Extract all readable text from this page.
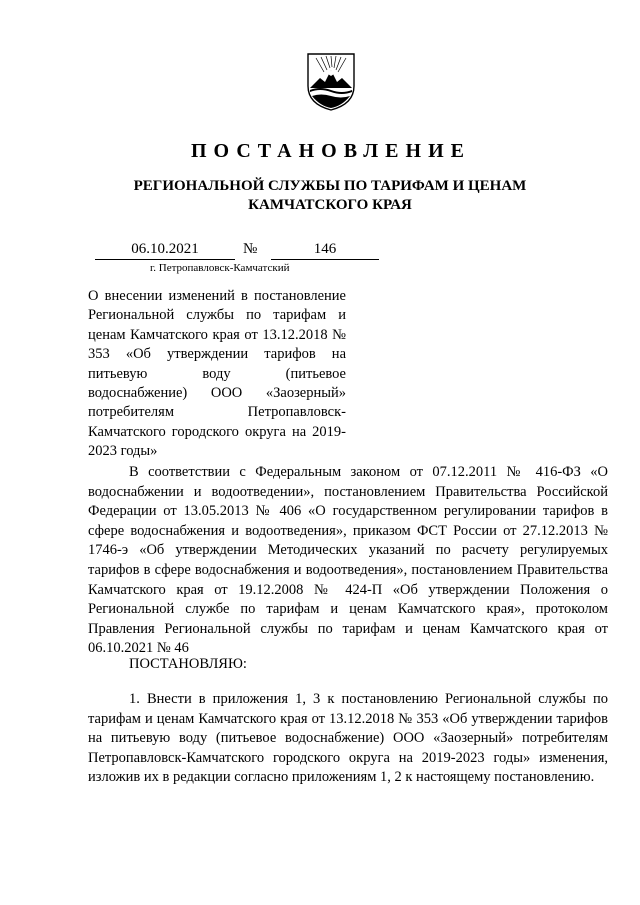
ПОСТАНОВЛЕНИЕ
РЕГИОНАЛЬНОЙ СЛУЖБЫ ПО ТАРИФАМ И ЦЕНАМ
КАМЧАТСКОГО КРАЯ
06.10.2021	№	146
г. Петропавловск-Камчатский
О внесении изменений в постановление Региональной службы по тарифам и ценам Камчатского края от 13.12.2018 № 353 «Об утверждении тарифов на питьевую воду (питьевое водоснабжение) ООО «Заозерный» потребителям Петропавловск-Камчатского городского округа на 2019-2023 годы»
В соответствии с Федеральным законом от 07.12.2011 № 416-ФЗ «О водоснабжении и водоотведении», постановлением Правительства Российской Федерации от 13.05.2013 № 406 «О государственном регулировании тарифов в сфере водоснабжения и водоотведения», приказом ФСТ России от 27.12.2013 № 1746-э «Об утверждении Методических указаний по расчету регулируемых тарифов в сфере водоснабжения и водоотведения», постановлением Правительства Камчатского края от 19.12.2008 № 424-П «Об утверждении Положения о Региональной службе по тарифам и ценам Камчатского края», протоколом Правления Региональной службы по тарифам и ценам Камчатского края от 06.10.2021 № 46
ПОСТАНОВЛЯЮ:
1. Внести в приложения 1, 3 к постановлению Региональной службы по тарифам и ценам Камчатского края от 13.12.2018 № 353 «Об утверждении тарифов на питьевую воду (питьевое водоснабжение) ООО «Заозерный» потребителям Петропавловск-Камчатского городского округа на 2019-2023 годы» изменения, изложив их в редакции согласно приложениям 1, 2 к настоящему постановлению.
